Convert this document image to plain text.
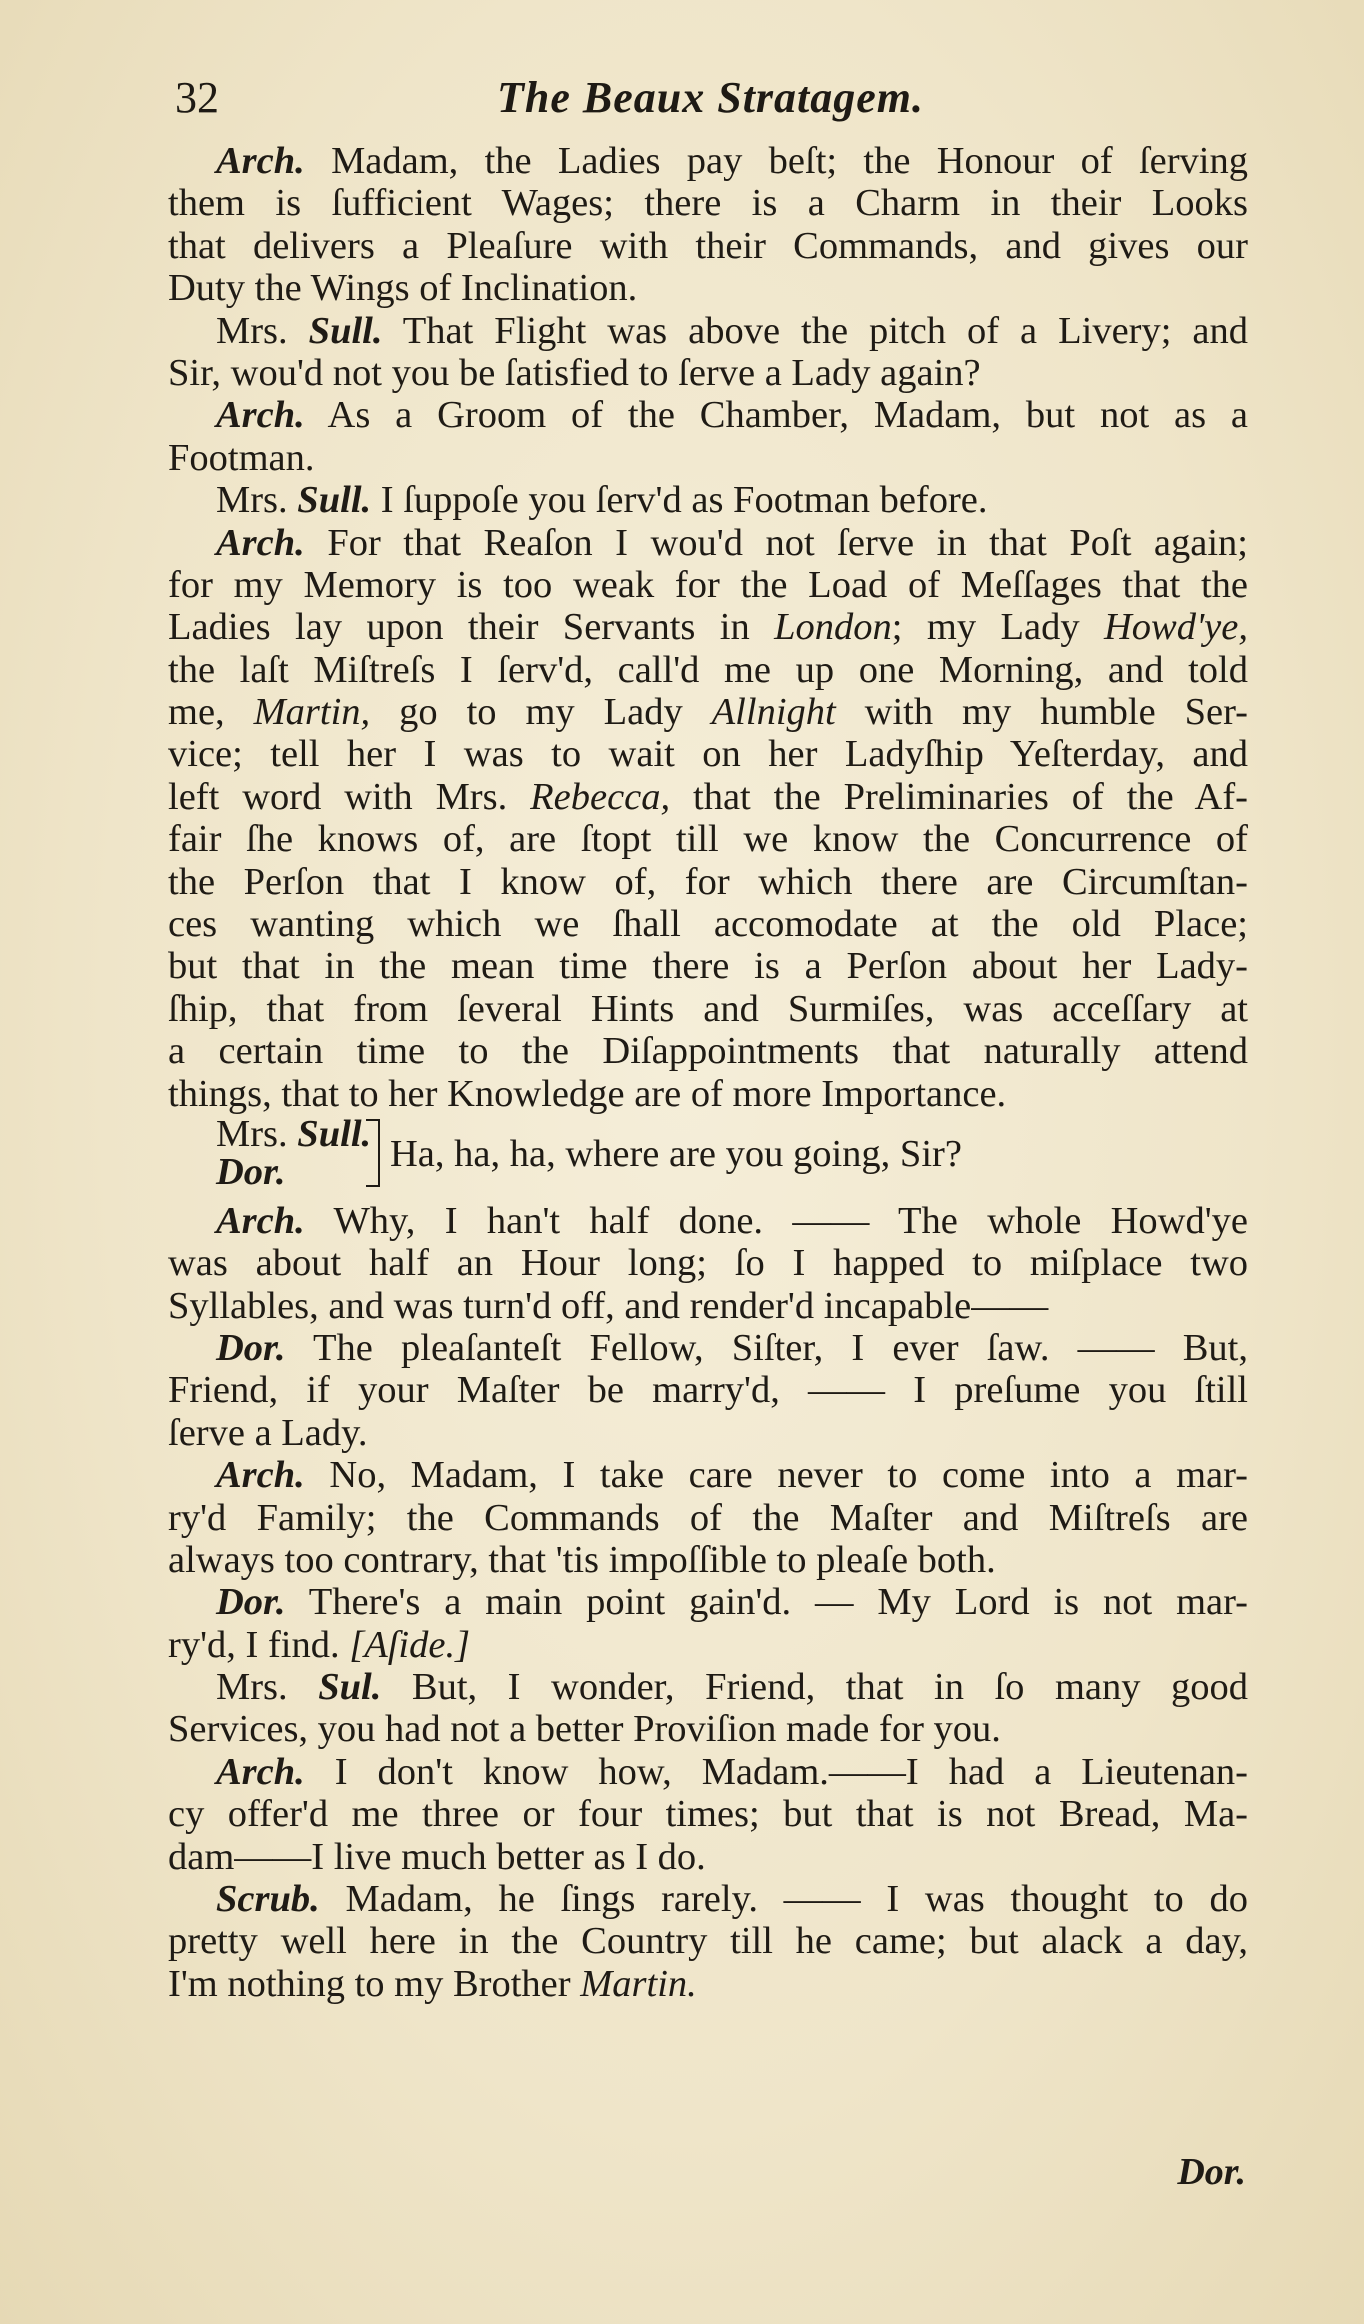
32	The Beaux Stratagem.
Arch. Madam, the Ladies pay beſt; the Honour of ſerving
them is ſufficient Wages; there is a Charm in their Looks
that delivers a Pleaſure with their Commands, and gives our
Duty the Wings of Inclination.
Mrs. Sull. That Flight was above the pitch of a Livery; and
Sir, wou'd not you be ſatisfied to ſerve a Lady again?
Arch. As a Groom of the Chamber, Madam, but not as a
Footman.
Mrs. Sull. I ſuppoſe you ſerv'd as Footman before.
Arch. For that Reaſon I wou'd not ſerve in that Poſt again;
for my Memory is too weak for the Load of Meſſages that the
Ladies lay upon their Servants in London; my Lady Howd'ye,
the laſt Miſtreſs I ſerv'd, call'd me up one Morning, and told
me, Martin, go to my Lady Allnight with my humble Ser-
vice; tell her I was to wait on her Ladyſhip Yeſterday, and
left word with Mrs. Rebecca, that the Preliminaries of the Af-
fair ſhe knows of, are ſtopt till we know the Concurrence of
the Perſon that I know of, for which there are Circumſtan-
ces wanting which we ſhall accomodate at the old Place;
but that in the mean time there is a Perſon about her Lady-
ſhip, that from ſeveral Hints and Surmiſes, was acceſſary at
a certain time to the Diſappointments that naturally attend
things, that to her Knowledge are of more Importance.
Mrs. Sull.
Dor.	Ha, ha, ha, where are you going, Sir?
Arch. Why, I han't half done. —— The whole Howd'ye
was about half an Hour long; ſo I happed to miſplace two
Syllables, and was turn'd off, and render'd incapable——
Dor. The pleaſanteſt Fellow, Siſter, I ever ſaw. —— But,
Friend, if your Maſter be marry'd, —— I preſume you ſtill
ſerve a Lady.
Arch. No, Madam, I take care never to come into a mar-
ry'd Family; the Commands of the Maſter and Miſtreſs are
always too contrary, that 'tis impoſſible to pleaſe both.
Dor. There's a main point gain'd. — My Lord is not mar-
ry'd, I find. [Aſide.]
Mrs. Sul. But, I wonder, Friend, that in ſo many good
Services, you had not a better Proviſion made for you.
Arch. I don't know how, Madam.——I had a Lieutenan-
cy offer'd me three or four times; but that is not Bread, Ma-
dam——I live much better as I do.
Scrub. Madam, he ſings rarely. —— I was thought to do
pretty well here in the Country till he came; but alack a day,
I'm nothing to my Brother Martin.
Dor.
